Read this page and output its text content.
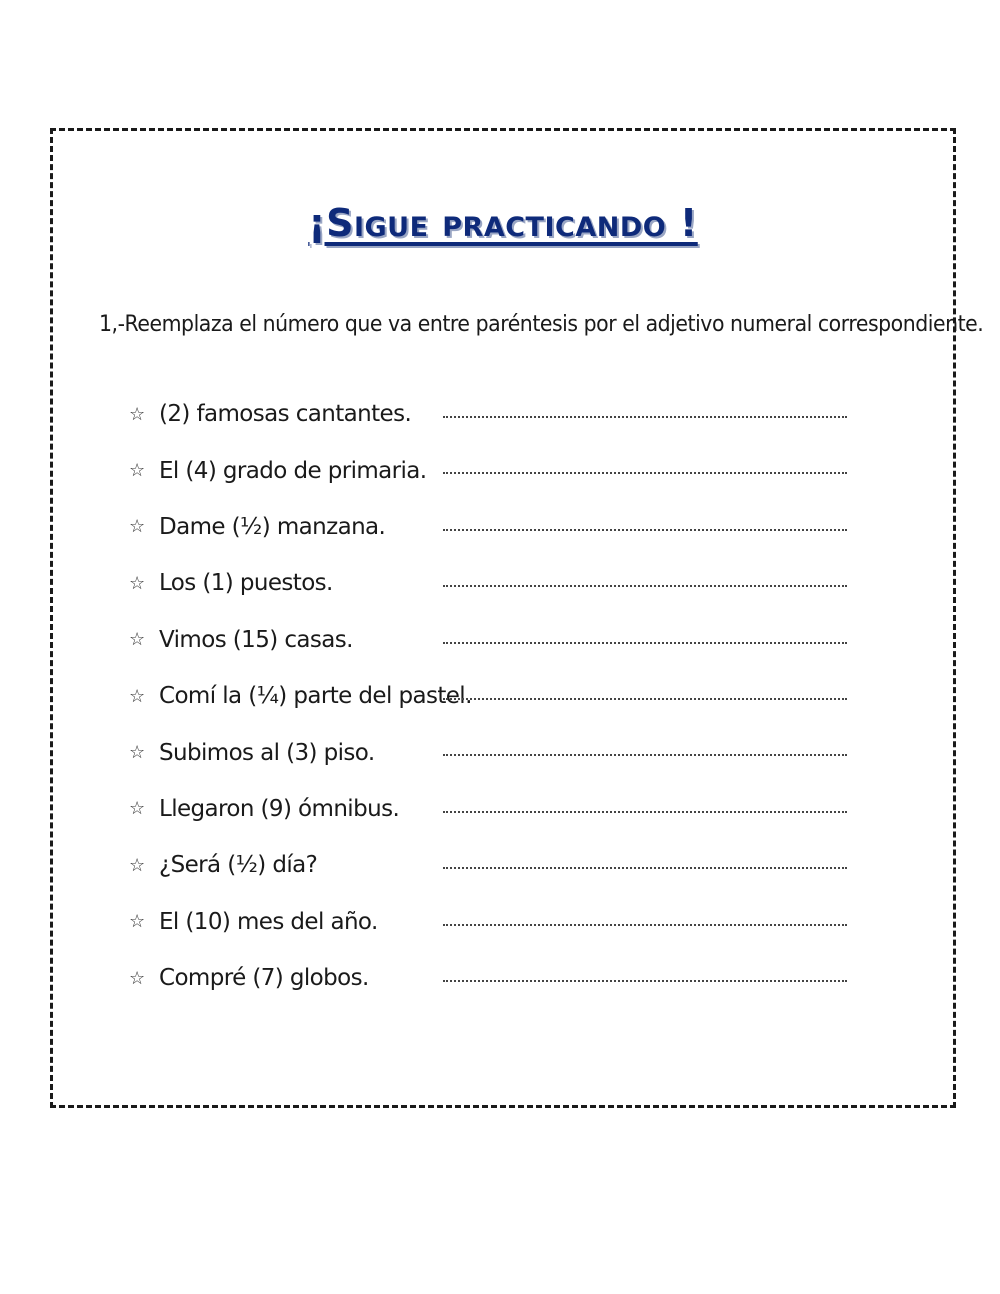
¡Sigue practicando !

1,-Reemplaza el número que va entre paréntesis por el adjetivo numeral correspondiente.

☆ (2) famosas cantantes.
☆ El (4) grado de primaria.
☆ Dame (½) manzana.
☆ Los (1) puestos.
☆ Vimos (15) casas.
☆ Comí la (¼) parte del pastel.
☆ Subimos al (3) piso.
☆ Llegaron (9) ómnibus.
☆ ¿Será (½) día?
☆ El (10) mes del año.
☆ Compré (7) globos.
